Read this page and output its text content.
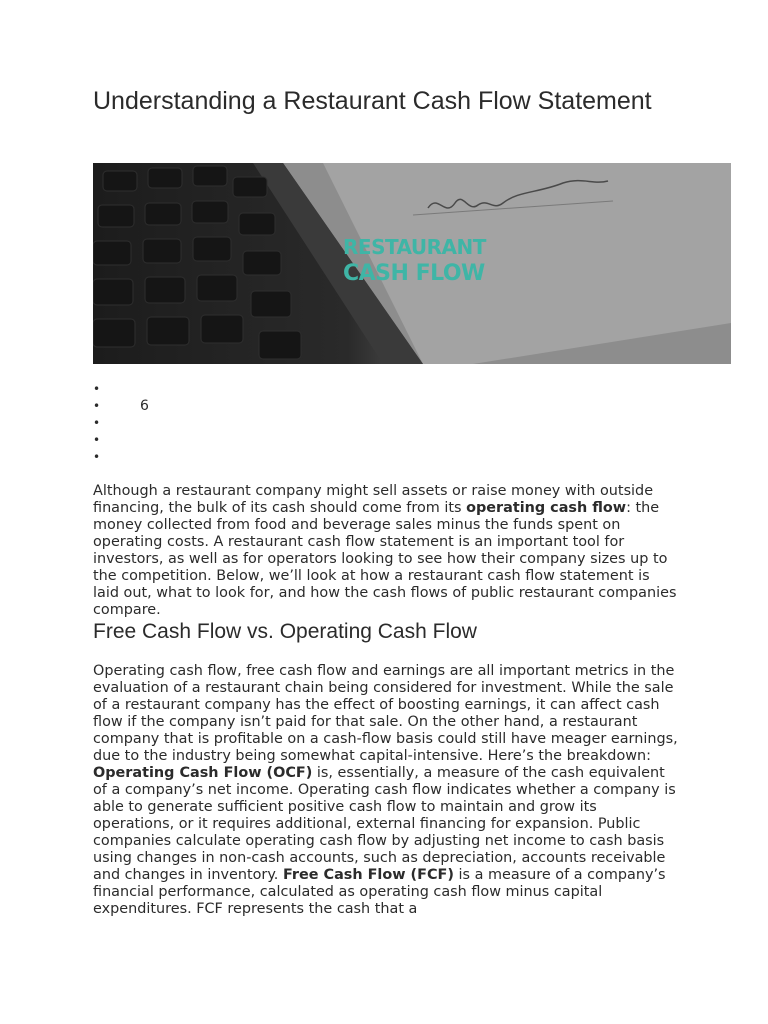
Understanding a Restaurant Cash Flow Statement
RESTAURANT
CASH FLOW
•
• 6
•
•
•

Although a restaurant company might sell assets or raise money with outside financing, the bulk of its cash should come from its operating cash flow: the money collected from food and beverage sales minus the funds spent on operating costs. A restaurant cash flow statement is an important tool for investors, as well as for operators looking to see how their company sizes up to the competition. Below, we’ll look at how a restaurant cash flow statement is laid out, what to look for, and how the cash flows of public restaurant companies compare.

Free Cash Flow vs. Operating Cash Flow

Operating cash flow, free cash flow and earnings are all important metrics in the evaluation of a restaurant chain being considered for investment. While the sale of a restaurant company has the effect of boosting earnings, it can affect cash flow if the company isn’t paid for that sale. On the other hand, a restaurant company that is profitable on a cash-flow basis could still have meager earnings, due to the industry being somewhat capital-intensive. Here’s the breakdown: Operating Cash Flow (OCF) is, essentially, a measure of the cash equivalent of a company’s net income. Operating cash flow indicates whether a company is able to generate sufficient positive cash flow to maintain and grow its operations, or it requires additional, external financing for expansion. Public companies calculate operating cash flow by adjusting net income to cash basis using changes in non-cash accounts, such as depreciation, accounts receivable and changes in inventory. Free Cash Flow (FCF) is a measure of a company’s financial performance, calculated as operating cash flow minus capital expenditures. FCF represents the cash that a
